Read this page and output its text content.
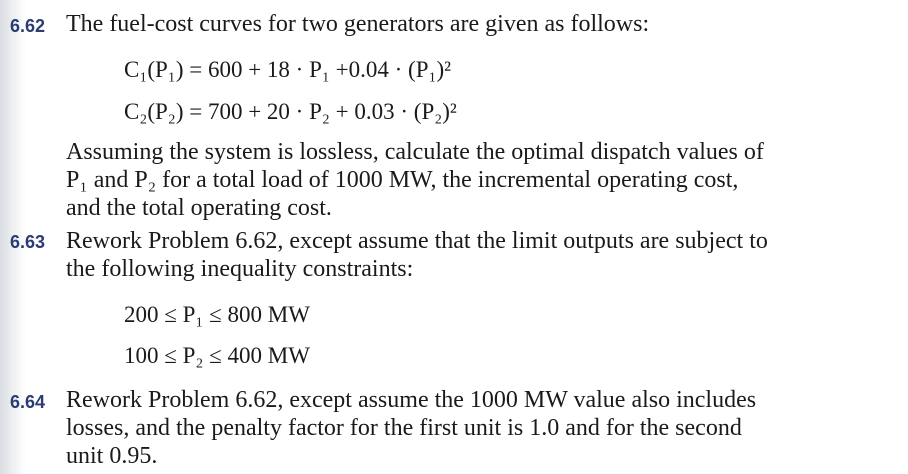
6.62 The fuel-cost curves for two generators are given as follows:
C₁(P₁) = 600 + 18 · P₁ +0.04 · (P₁)²
C₂(P₂) = 700 + 20 · P₂ + 0.03 · (P₂)²
Assuming the system is lossless, calculate the optimal dispatch values of
P₁ and P₂ for a total load of 1000 MW, the incremental operating cost,
and the total operating cost.
6.63 Rework Problem 6.62, except assume that the limit outputs are subject to
the following inequality constraints:
200 ≤ P₁ ≤ 800 MW
100 ≤ P₂ ≤ 400 MW
6.64 Rework Problem 6.62, except assume the 1000 MW value also includes
losses, and the penalty factor for the first unit is 1.0 and for the second
unit 0.95.
